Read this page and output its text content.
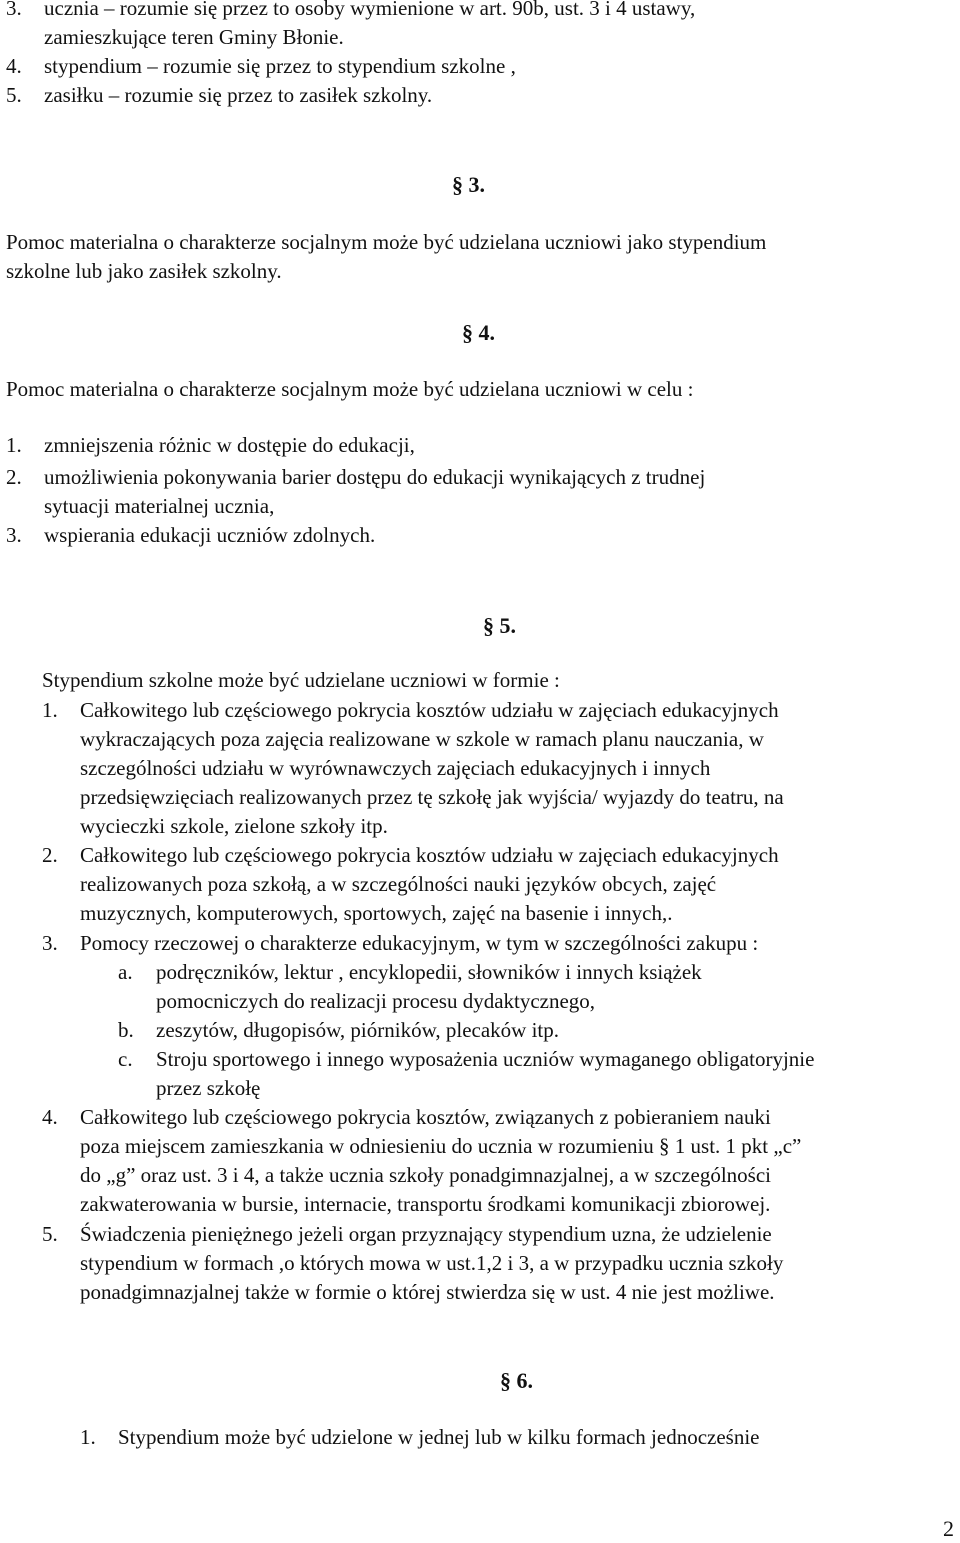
3. ucznia – rozumie się przez to osoby wymienione w art. 90b, ust. 3 i 4 ustawy,
zamieszkujące teren Gminy Błonie.
4. stypendium – rozumie się przez to stypendium szkolne ,
5. zasiłku – rozumie się przez to zasiłek szkolny.
§ 3.
Pomoc materialna o charakterze socjalnym może być udzielana uczniowi jako stypendium
szkolne lub jako zasiłek szkolny.
§ 4.
Pomoc materialna o charakterze socjalnym może być udzielana uczniowi w celu :
1. zmniejszenia różnic w dostępie do edukacji,
2. umożliwienia pokonywania barier dostępu do edukacji wynikających z trudnej
sytuacji materialnej ucznia,
3. wspierania edukacji uczniów zdolnych.
§ 5.
Stypendium szkolne może być udzielane uczniowi w formie :
1. Całkowitego lub częściowego pokrycia kosztów udziału w zajęciach edukacyjnych
wykraczających poza zajęcia realizowane w szkole w ramach planu nauczania, w
szczególności udziału w wyrównawczych zajęciach edukacyjnych i innych
przedsięwzięciach realizowanych przez tę szkołę jak wyjścia/ wyjazdy do teatru, na
wycieczki szkole, zielone szkoły itp.
2. Całkowitego lub częściowego pokrycia kosztów udziału w zajęciach edukacyjnych
realizowanych poza szkołą, a w szczególności nauki języków obcych, zajęć
muzycznych, komputerowych, sportowych, zajęć na basenie i innych,.
3. Pomocy rzeczowej o charakterze edukacyjnym, w tym w szczególności zakupu :
a. podręczników, lektur , encyklopedii, słowników i innych książek
pomocniczych do realizacji procesu dydaktycznego,
b. zeszytów, długopisów, piórników, plecaków itp.
c. Stroju sportowego i innego wyposażenia uczniów wymaganego obligatoryjnie
przez szkołę
4. Całkowitego lub częściowego pokrycia kosztów, związanych z pobieraniem nauki
poza miejscem zamieszkania w odniesieniu do ucznia w rozumieniu § 1 ust. 1 pkt „c”
do „g” oraz ust. 3 i 4, a także ucznia szkoły ponadgimnazjalnej, a w szczególności
zakwaterowania w bursie, internacie, transportu środkami komunikacji zbiorowej.
5. Świadczenia pieniężnego jeżeli organ przyznający stypendium uzna, że udzielenie
stypendium w formach ,o których mowa w ust.1,2 i 3, a w przypadku ucznia szkoły
ponadgimnazjalnej także w formie o której stwierdza się w ust. 4 nie jest możliwe.
§ 6.
1. Stypendium może być udzielone w jednej lub w kilku formach jednocześnie
2
